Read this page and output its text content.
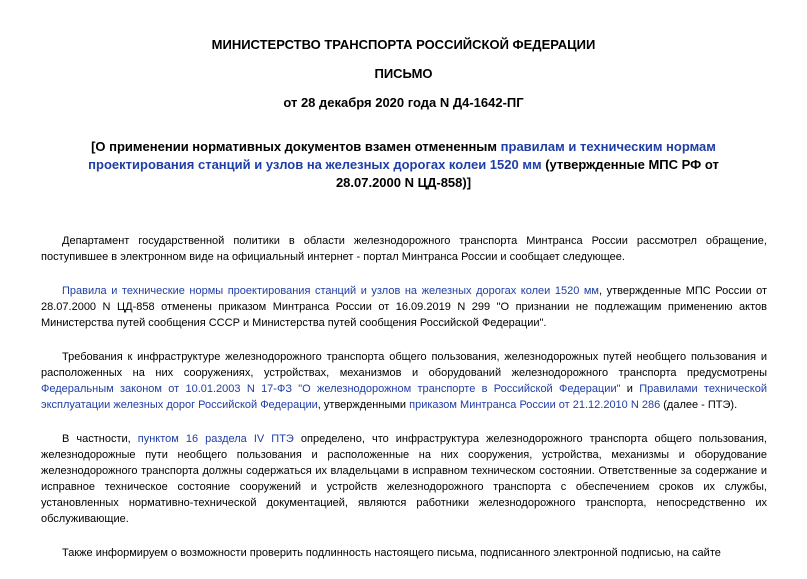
МИНИСТЕРСТВО ТРАНСПОРТА РОССИЙСКОЙ ФЕДЕРАЦИИ
ПИСЬМО
от 28 декабря 2020 года N Д4-1642-ПГ
[О применении нормативных документов взамен отмененным правилам и техническим нормам проектирования станций и узлов на железных дорогах колеи 1520 мм (утвержденные МПС РФ от 28.07.2000 N ЦД-858)]

Департамент государственной политики в области железнодорожного транспорта Минтранса России рассмотрел обращение, поступившее в электронном виде на официальный интернет - портал Минтранса России и сообщает следующее.

Правила и технические нормы проектирования станций и узлов на железных дорогах колеи 1520 мм, утвержденные МПС России от 28.07.2000 N ЦД-858 отменены приказом Минтранса России от 16.09.2019 N 299 "О признании не подлежащим применению актов Министерства путей сообщения СССР и Министерства путей сообщения Российской Федерации".

Требования к инфраструктуре железнодорожного транспорта общего пользования, железнодорожных путей необщего пользования и расположенных на них сооружениях, устройствах, механизмов и оборудований железнодорожного транспорта предусмотрены Федеральным законом от 10.01.2003 N 17-ФЗ "О железнодорожном транспорте в Российской Федерации" и Правилами технической эксплуатации железных дорог Российской Федерации, утвержденными приказом Минтранса России от 21.12.2010 N 286 (далее - ПТЭ).

В частности, пунктом 16 раздела IV ПТЭ определено, что инфраструктура железнодорожного транспорта общего пользования, железнодорожные пути необщего пользования и расположенные на них сооружения, устройства, механизмы и оборудование железнодорожного транспорта должны содержаться их владельцами в исправном техническом состоянии. Ответственные за содержание и исправное техническое состояние сооружений и устройств железнодорожного транспорта с обеспечением сроков их службы, установленных нормативно-технической документацией, являются работники железнодорожного транспорта, непосредственно их обслуживающие.

Также информируем о возможности проверить подлинность настоящего письма, подписанного электронной подписью, на сайте
